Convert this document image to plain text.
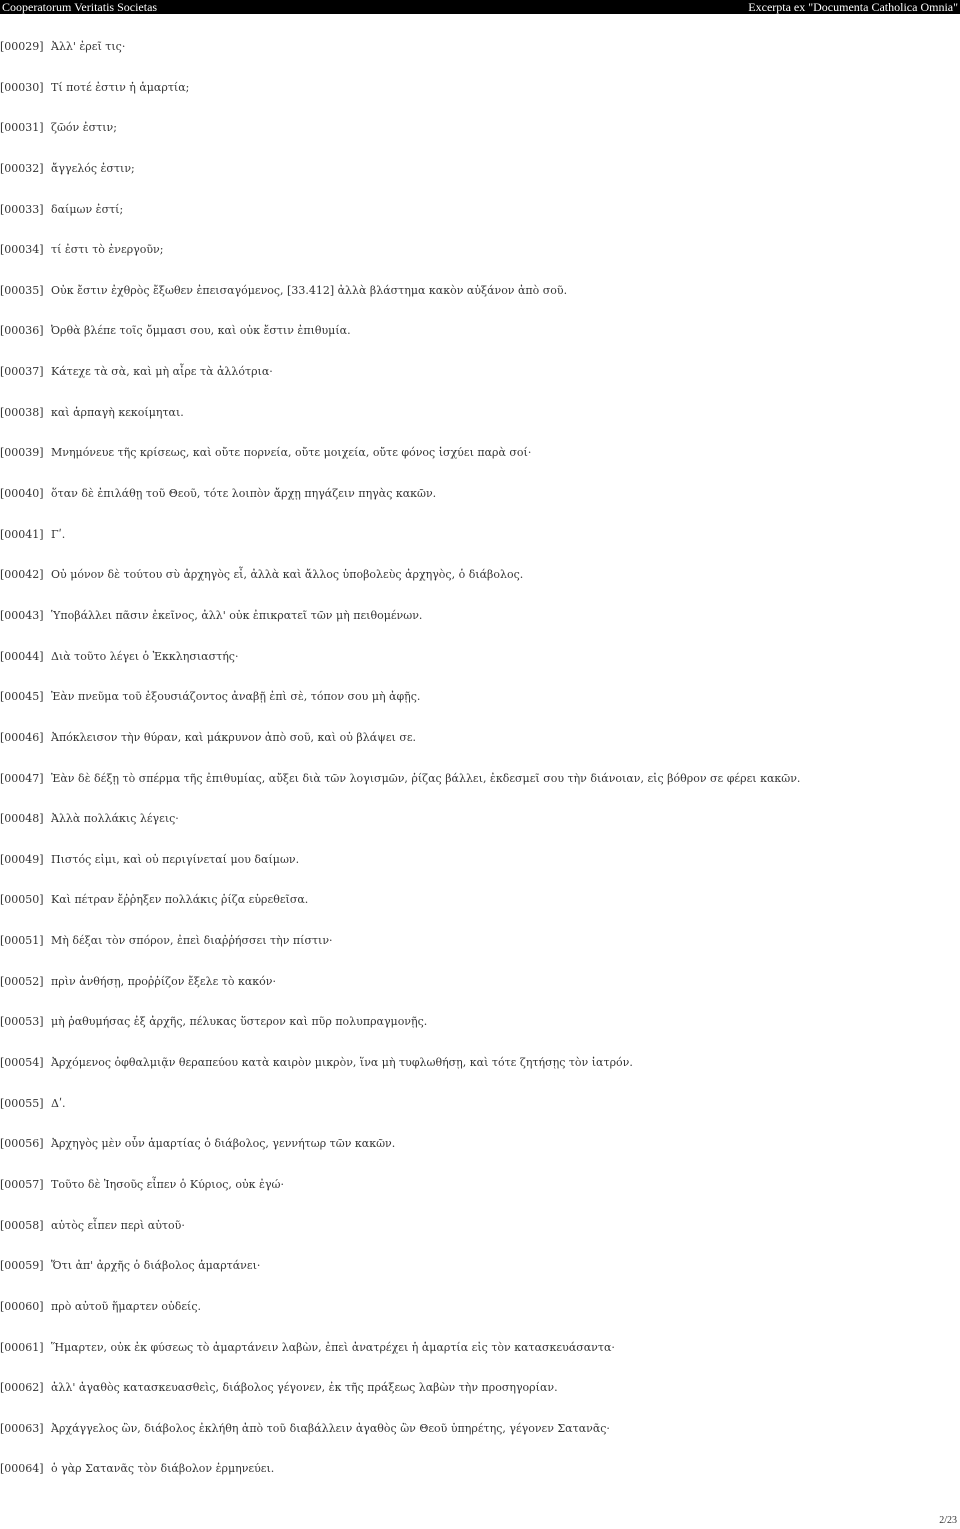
Cooperatorum Veritatis Societas	Excerpta ex "Documenta Catholica Omnia"
[00029] Ἀλλ' ἐρεῖ τις·
[00030] Τί ποτέ ἐστιν ἡ ἁμαρτία;
[00031] ζῶόν ἐστιν;
[00032] ἄγγελός ἐστιν;
[00033] δαίμων ἐστί;
[00034] τί ἐστι τὸ ἐνεργοῦν;
[00035] Οὐκ ἔστιν ἐχθρὸς ἔξωθεν ἐπεισαγόμενος, [33.412] ἀλλὰ βλάστημα κακὸν αὐξάνον ἀπὸ σοῦ.
[00036] Ὀρθὰ βλέπε τοῖς ὄμμασι σου, καὶ οὐκ ἔστιν ἐπιθυμία.
[00037] Κάτεχε τὰ σὰ, καὶ μὴ αἶρε τὰ ἀλλότρια·
[00038] καὶ ἁρπαγὴ κεκοίμηται.
[00039] Μνημόνευε τῆς κρίσεως, καὶ οὔτε πορνεία, οὔτε μοιχεία, οὔτε φόνος ἰσχύει παρὰ σοί·
[00040] ὅταν δὲ ἐπιλάθῃ τοῦ Θεοῦ, τότε λοιπὸν ἄρχῃ πηγάζειν πηγὰς κακῶν.
[00041] Γʹ.
[00042] Οὐ μόνον δὲ τούτου σὺ ἀρχηγὸς εἶ, ἀλλὰ καὶ ἄλλος ὑποβολεὺς ἀρχηγὸς, ὁ διάβολος.
[00043] Ὑποβάλλει πᾶσιν ἐκεῖνος, ἀλλ' οὐκ ἐπικρατεῖ τῶν μὴ πειθομένων.
[00044] Διὰ τοῦτο λέγει ὁ Ἐκκλησιαστής·
[00045] Ἐὰν πνεῦμα τοῦ ἐξουσιάζοντος ἀναβῇ ἐπὶ σὲ, τόπον σου μὴ ἀφῇς.
[00046] Ἀπόκλεισον τὴν θύραν, καὶ μάκρυνον ἀπὸ σοῦ, καὶ οὐ βλάψει σε.
[00047] Ἐὰν δὲ δέξῃ τὸ σπέρμα τῆς ἐπιθυμίας, αὔξει διὰ τῶν λογισμῶν, ῥίζας βάλλει, ἐκδεσμεῖ σου τὴν διάνοιαν, εἰς βόθρον σε φέρει κακῶν.
[00048] Ἀλλὰ πολλάκις λέγεις·
[00049] Πιστός εἰμι, καὶ οὐ περιγίνεταί μου δαίμων.
[00050] Καὶ πέτραν ἔῤῥηξεν πολλάκις ῥίζα εὑρεθεῖσα.
[00051] Μὴ δέξαι τὸν σπόρον, ἐπεὶ διαῤῥήσσει τὴν πίστιν·
[00052] πρὶν ἀνθήσῃ, προῤῥίζον ἔξελε τὸ κακόν·
[00053] μὴ ῥαθυμήσας ἐξ ἀρχῆς, πέλυκας ὕστερον καὶ πῦρ πολυπραγμονῇς.
[00054] Ἀρχόμενος ὀφθαλμιᾷν θεραπεύου κατὰ καιρὸν μικρὸν, ἵνα μὴ τυφλωθήσῃ, καὶ τότε ζητήσῃς τὸν ἰατρόν.
[00055] Δʹ.
[00056] Ἀρχηγὸς μὲν οὖν ἁμαρτίας ὁ διάβολος, γεννήτωρ τῶν κακῶν.
[00057] Τοῦτο δὲ Ἰησοῦς εἶπεν ὁ Κύριος, οὐκ ἐγώ·
[00058] αὐτὸς εἶπεν περὶ αὐτοῦ·
[00059] Ὅτι ἀπ' ἀρχῆς ὁ διάβολος ἁμαρτάνει·
[00060] πρὸ αὐτοῦ ἥμαρτεν οὐδείς.
[00061] Ἥμαρτεν, οὐκ ἐκ φύσεως τὸ ἁμαρτάνειν λαβὼν, ἐπεὶ ἀνατρέχει ἡ ἁμαρτία εἰς τὸν κατασκευάσαντα·
[00062] ἀλλ' ἀγαθὸς κατασκευασθεὶς, διάβολος γέγονεν, ἐκ τῆς πράξεως λαβὼν τὴν προσηγορίαν.
[00063] Ἀρχάγγελος ὢν, διάβολος ἐκλήθη ἀπὸ τοῦ διαβάλλειν ἀγαθὸς ὢν Θεοῦ ὑπηρέτης, γέγονεν Σατανᾶς·
[00064] ὁ γὰρ Σατανᾶς τὸν διάβολον ἑρμηνεύει.
2/23
